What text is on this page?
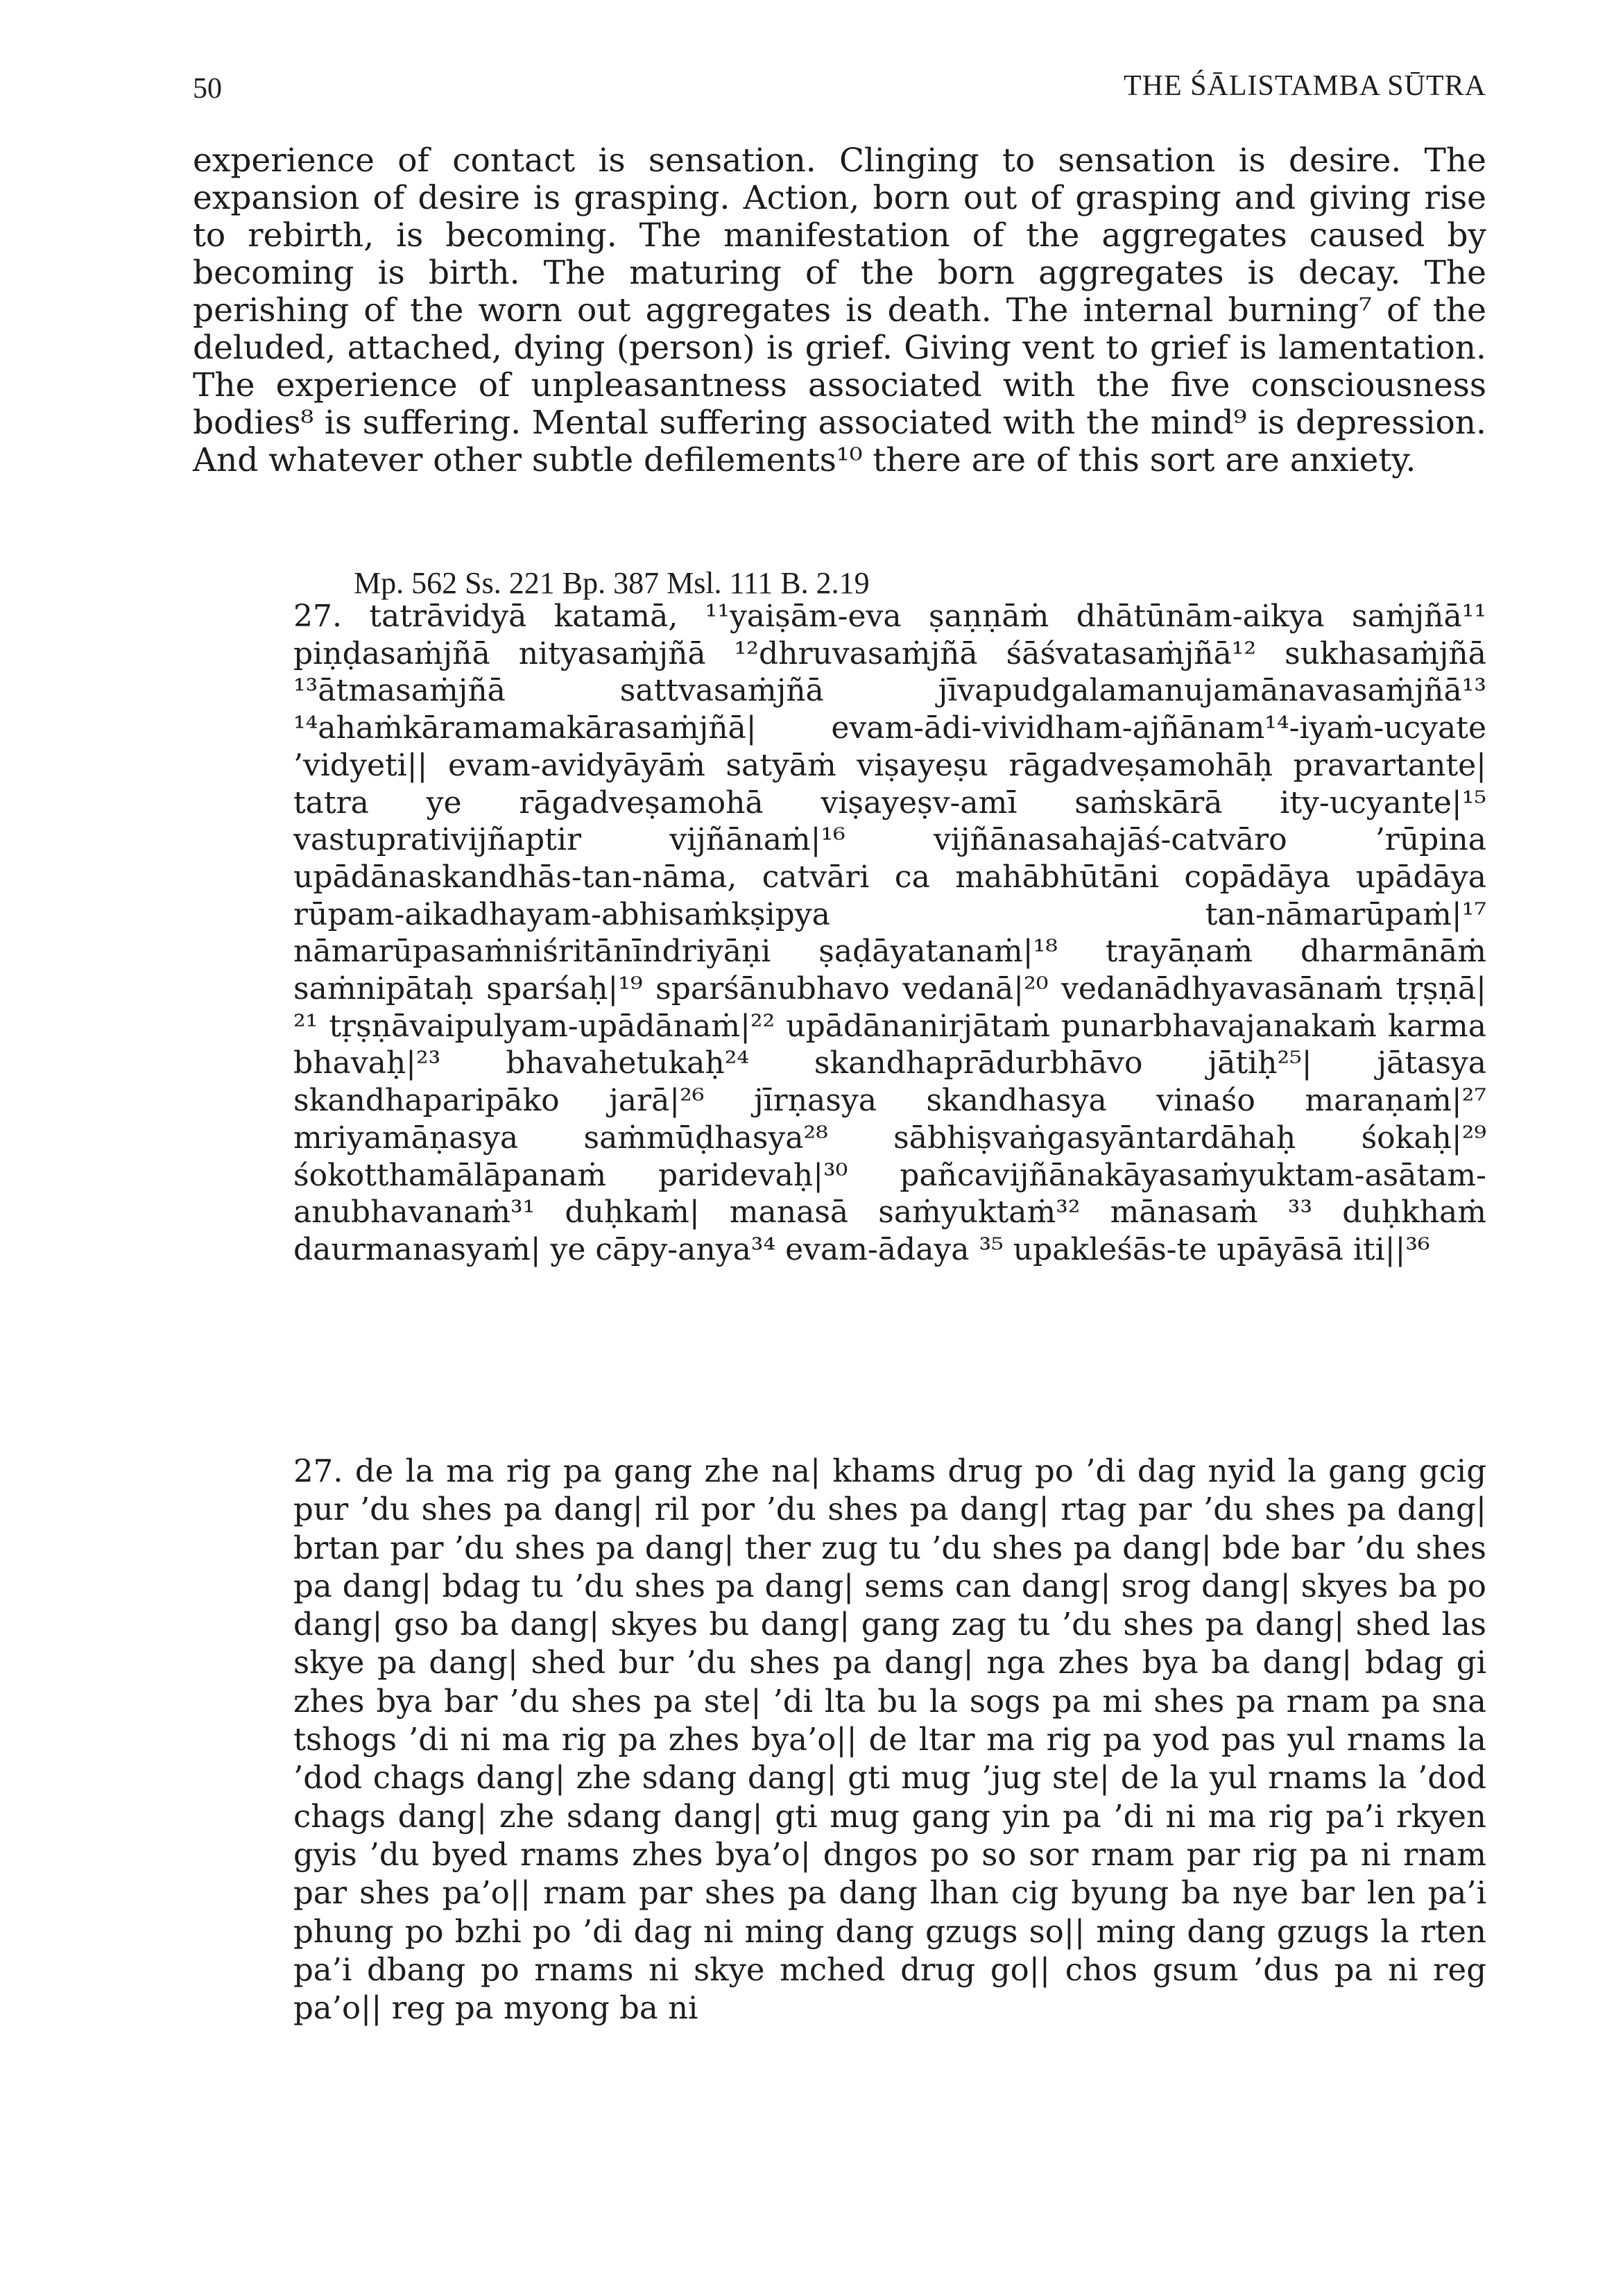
50	THE ŚĀLISTAMBA SŪTRA

experience of contact is sensation. Clinging to sensation is desire. The expansion of desire is grasping. Action, born out of grasping and giving rise to rebirth, is becoming. The manifestation of the aggregates caused by becoming is birth. The maturing of the born aggregates is decay. The perishing of the worn out aggregates is death. The internal burning⁷ of the deluded, attached, dying (person) is grief. Giving vent to grief is lamentation. The experience of unpleasantness associated with the five consciousness bodies⁸ is suffering. Mental suffering associated with the mind⁹ is depression. And whatever other subtle defilements¹⁰ there are of this sort are anxiety.

Mp. 562 Ss. 221 Bp. 387 Msl. 111 B. 2.19

27. tatrāvidyā katamā, ¹¹yaiṣām-eva ṣaṇṇāṁ dhātūnām-aikya saṁjñā¹¹ piṇḍasaṁjñā nityasaṁjñā ¹²dhruvasaṁjñā śāśvatasaṁjñā¹² sukhasaṁjñā ¹³ātmasaṁjñā sattvasaṁjñā jīvapudgalamanujamānavasaṁjñā¹³ ¹⁴ahaṁkāramamakārasaṁjñā| evam-ādi-vividham-ajñānam¹⁴-iyaṁ-ucyate ’vidyeti|| evam-avidyāyāṁ satyāṁ viṣayeṣu rāgadveṣamohāḥ pravartante| tatra ye rāgadveṣamohā viṣayeṣv-amī saṁskārā ity-ucyante|¹⁵ vastuprativijñaptir vijñānaṁ|¹⁶ vijñānasahajāś-catvāro ’rūpina upādānaskandhās-tan-nāma, catvāri ca mahābhūtāni copādāya upādāya rūpam-aikadhayam-abhisaṁkṣipya tan-nāmarūpaṁ|¹⁷ nāmarūpasaṁniśritānīndriyāṇi ṣaḍāyatanaṁ|¹⁸ trayāṇaṁ dharmānāṁ saṁnipātaḥ sparśaḥ|¹⁹ sparśānubhavo vedanā|²⁰ vedanādhyavasānaṁ tṛṣṇā|²¹ tṛṣṇāvaipulyam-upādānaṁ|²² upādānanirjātaṁ punarbhavajanakaṁ karma bhavaḥ|²³ bhavahetukaḥ²⁴ skandhaprādurbhāvo jātiḥ²⁵| jātasya skandhaparipāko jarā|²⁶ jīrṇasya skandhasya vinaśo maraṇaṁ|²⁷ mriyamāṇasya saṁmūḍhasya²⁸ sābhiṣvaṅgasyāntardāhaḥ śokaḥ|²⁹ śokotthamālāpanaṁ paridevaḥ|³⁰ pañcavijñānakāyasaṁyuktam-asātam-anubhavanaṁ³¹ duḥkaṁ| manasā saṁyuktaṁ³² mānasaṁ ³³ duḥkhaṁ daurmanasyaṁ| ye cāpy-anya³⁴ evam-ādaya ³⁵ upakleśās-te upāyāsā iti||³⁶

27. de la ma rig pa gang zhe na| khams drug po ’di dag nyid la gang gcig pur ’du shes pa dang| ril por ’du shes pa dang| rtag par ’du shes pa dang| brtan par ’du shes pa dang| ther zug tu ’du shes pa dang| bde bar ’du shes pa dang| bdag tu ’du shes pa dang| sems can dang| srog dang| skyes ba po dang| gso ba dang| skyes bu dang| gang zag tu ’du shes pa dang| shed las skye pa dang| shed bur ’du shes pa dang| nga zhes bya ba dang| bdag gi zhes bya bar ’du shes pa ste| ’di lta bu la sogs pa mi shes pa rnam pa sna tshogs ’di ni ma rig pa zhes bya’o|| de ltar ma rig pa yod pas yul rnams la ’dod chags dang| zhe sdang dang| gti mug ’jug ste| de la yul rnams la ’dod chags dang| zhe sdang dang| gti mug gang yin pa ’di ni ma rig pa’i rkyen gyis ’du byed rnams zhes bya’o| dngos po so sor rnam par rig pa ni rnam par shes pa’o|| rnam par shes pa dang lhan cig byung ba nye bar len pa’i phung po bzhi po ’di dag ni ming dang gzugs so|| ming dang gzugs la rten pa’i dbang po rnams ni skye mched drug go|| chos gsum ’dus pa ni reg pa’o|| reg pa myong ba ni
